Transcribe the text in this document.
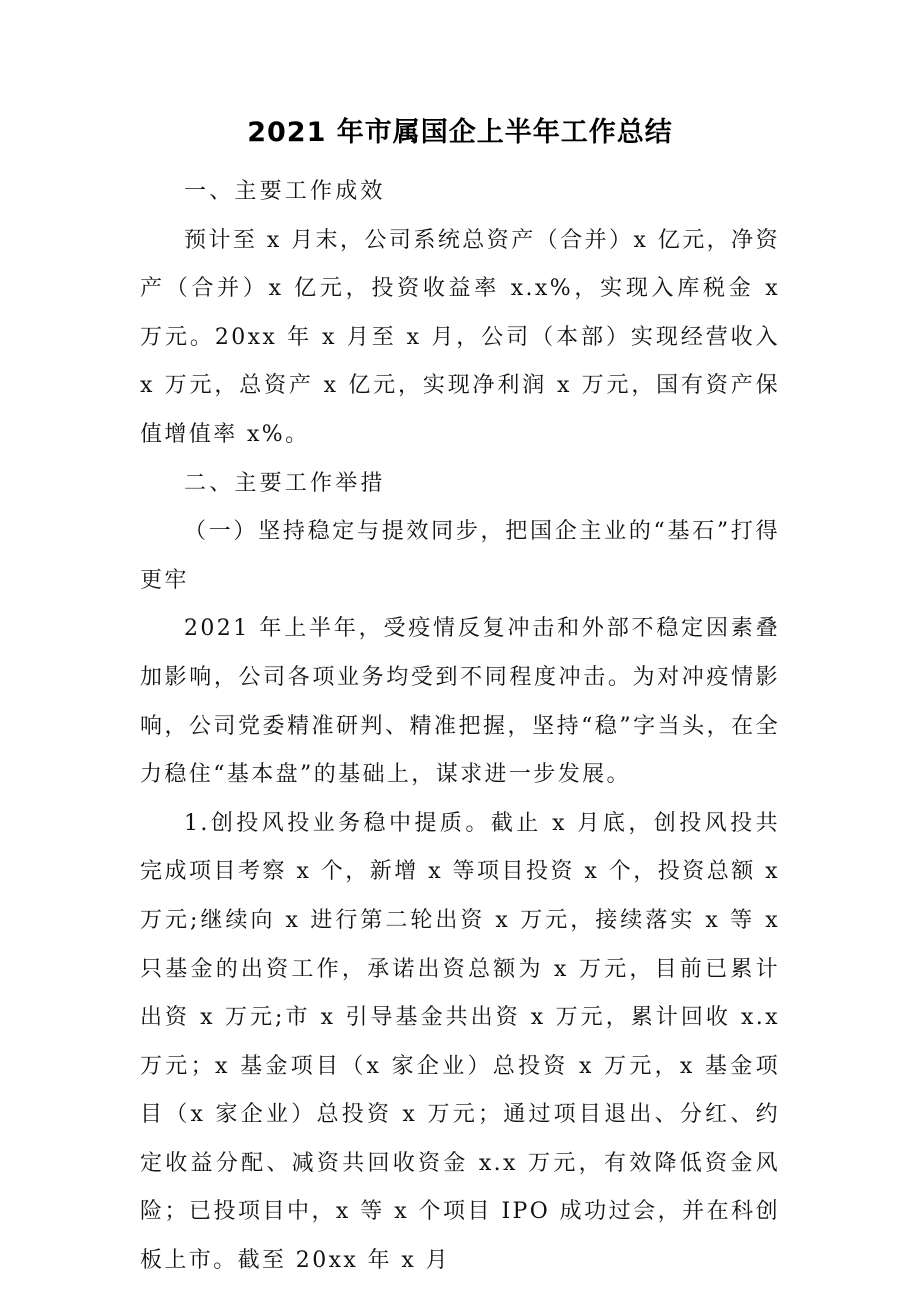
2021 年市属国企上半年工作总结

一、主要工作成效

预计至 x 月末，公司系统总资产（合并）x 亿元，净资产（合并）x 亿元，投资收益率 x.x%，实现入库税金 x 万元。20xx 年 x 月至 x 月，公司（本部）实现经营收入 x 万元，总资产 x 亿元，实现净利润 x 万元，国有资产保值增值率 x%。

二、主要工作举措

（一）坚持稳定与提效同步，把国企主业的“基石”打得更牢

2021 年上半年，受疫情反复冲击和外部不稳定因素叠加影响，公司各项业务均受到不同程度冲击。为对冲疫情影响，公司党委精准研判、精准把握，坚持“稳”字当头，在全力稳住“基本盘”的基础上，谋求进一步发展。

1.创投风投业务稳中提质。截止 x 月底，创投风投共完成项目考察 x 个，新增 x 等项目投资 x 个，投资总额 x 万元;继续向 x 进行第二轮出资 x 万元，接续落实 x 等 x 只基金的出资工作，承诺出资总额为 x 万元，目前已累计出资 x 万元;市 x 引导基金共出资 x 万元，累计回收 x.x 万元；x 基金项目（x 家企业）总投资 x 万元，x 基金项目（x 家企业）总投资 x 万元；通过项目退出、分红、约定收益分配、减资共回收资金 x.x 万元，有效降低资金风险；已投项目中，x 等 x 个项目 IPO 成功过会，并在科创板上市。截至 20xx 年 x 月
